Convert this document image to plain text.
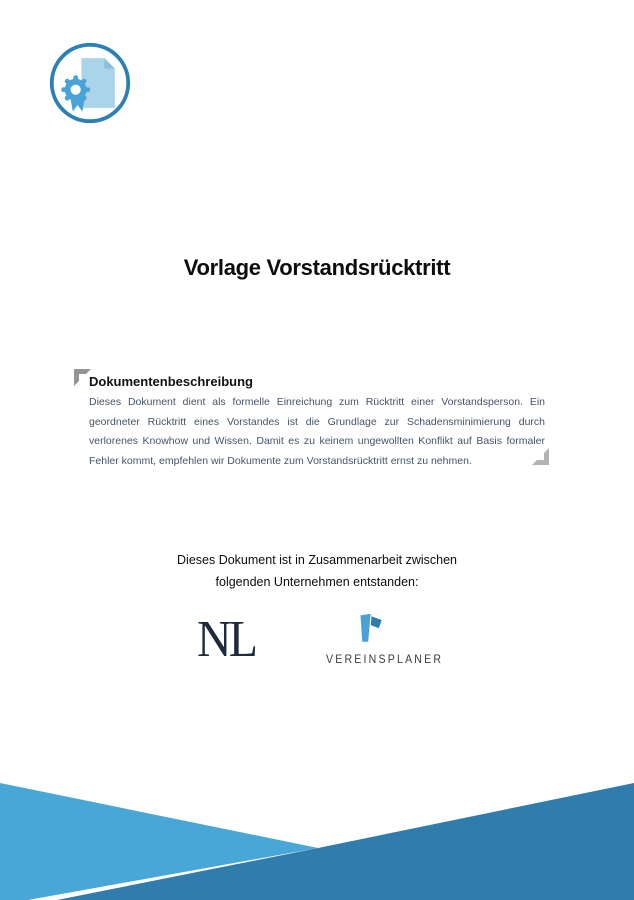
Vorlage Vorstandsrücktritt

Dokumentenbeschreibung

Dieses Dokument dient als formelle Einreichung zum Rücktritt einer Vorstandsperson. Ein geordneter Rücktritt eines Vorstandes ist die Grundlage zur Schadensminimierung durch verlorenes Knowhow und Wissen. Damit es zu keinem ungewollten Konflikt auf Basis formaler Fehler kommt, empfehlen wir Dokumente zum Vorstandsrücktritt ernst zu nehmen.

Dieses Dokument ist in Zusammenarbeit zwischen
folgenden Unternehmen entstanden:
NL	VEREINSPLANER
